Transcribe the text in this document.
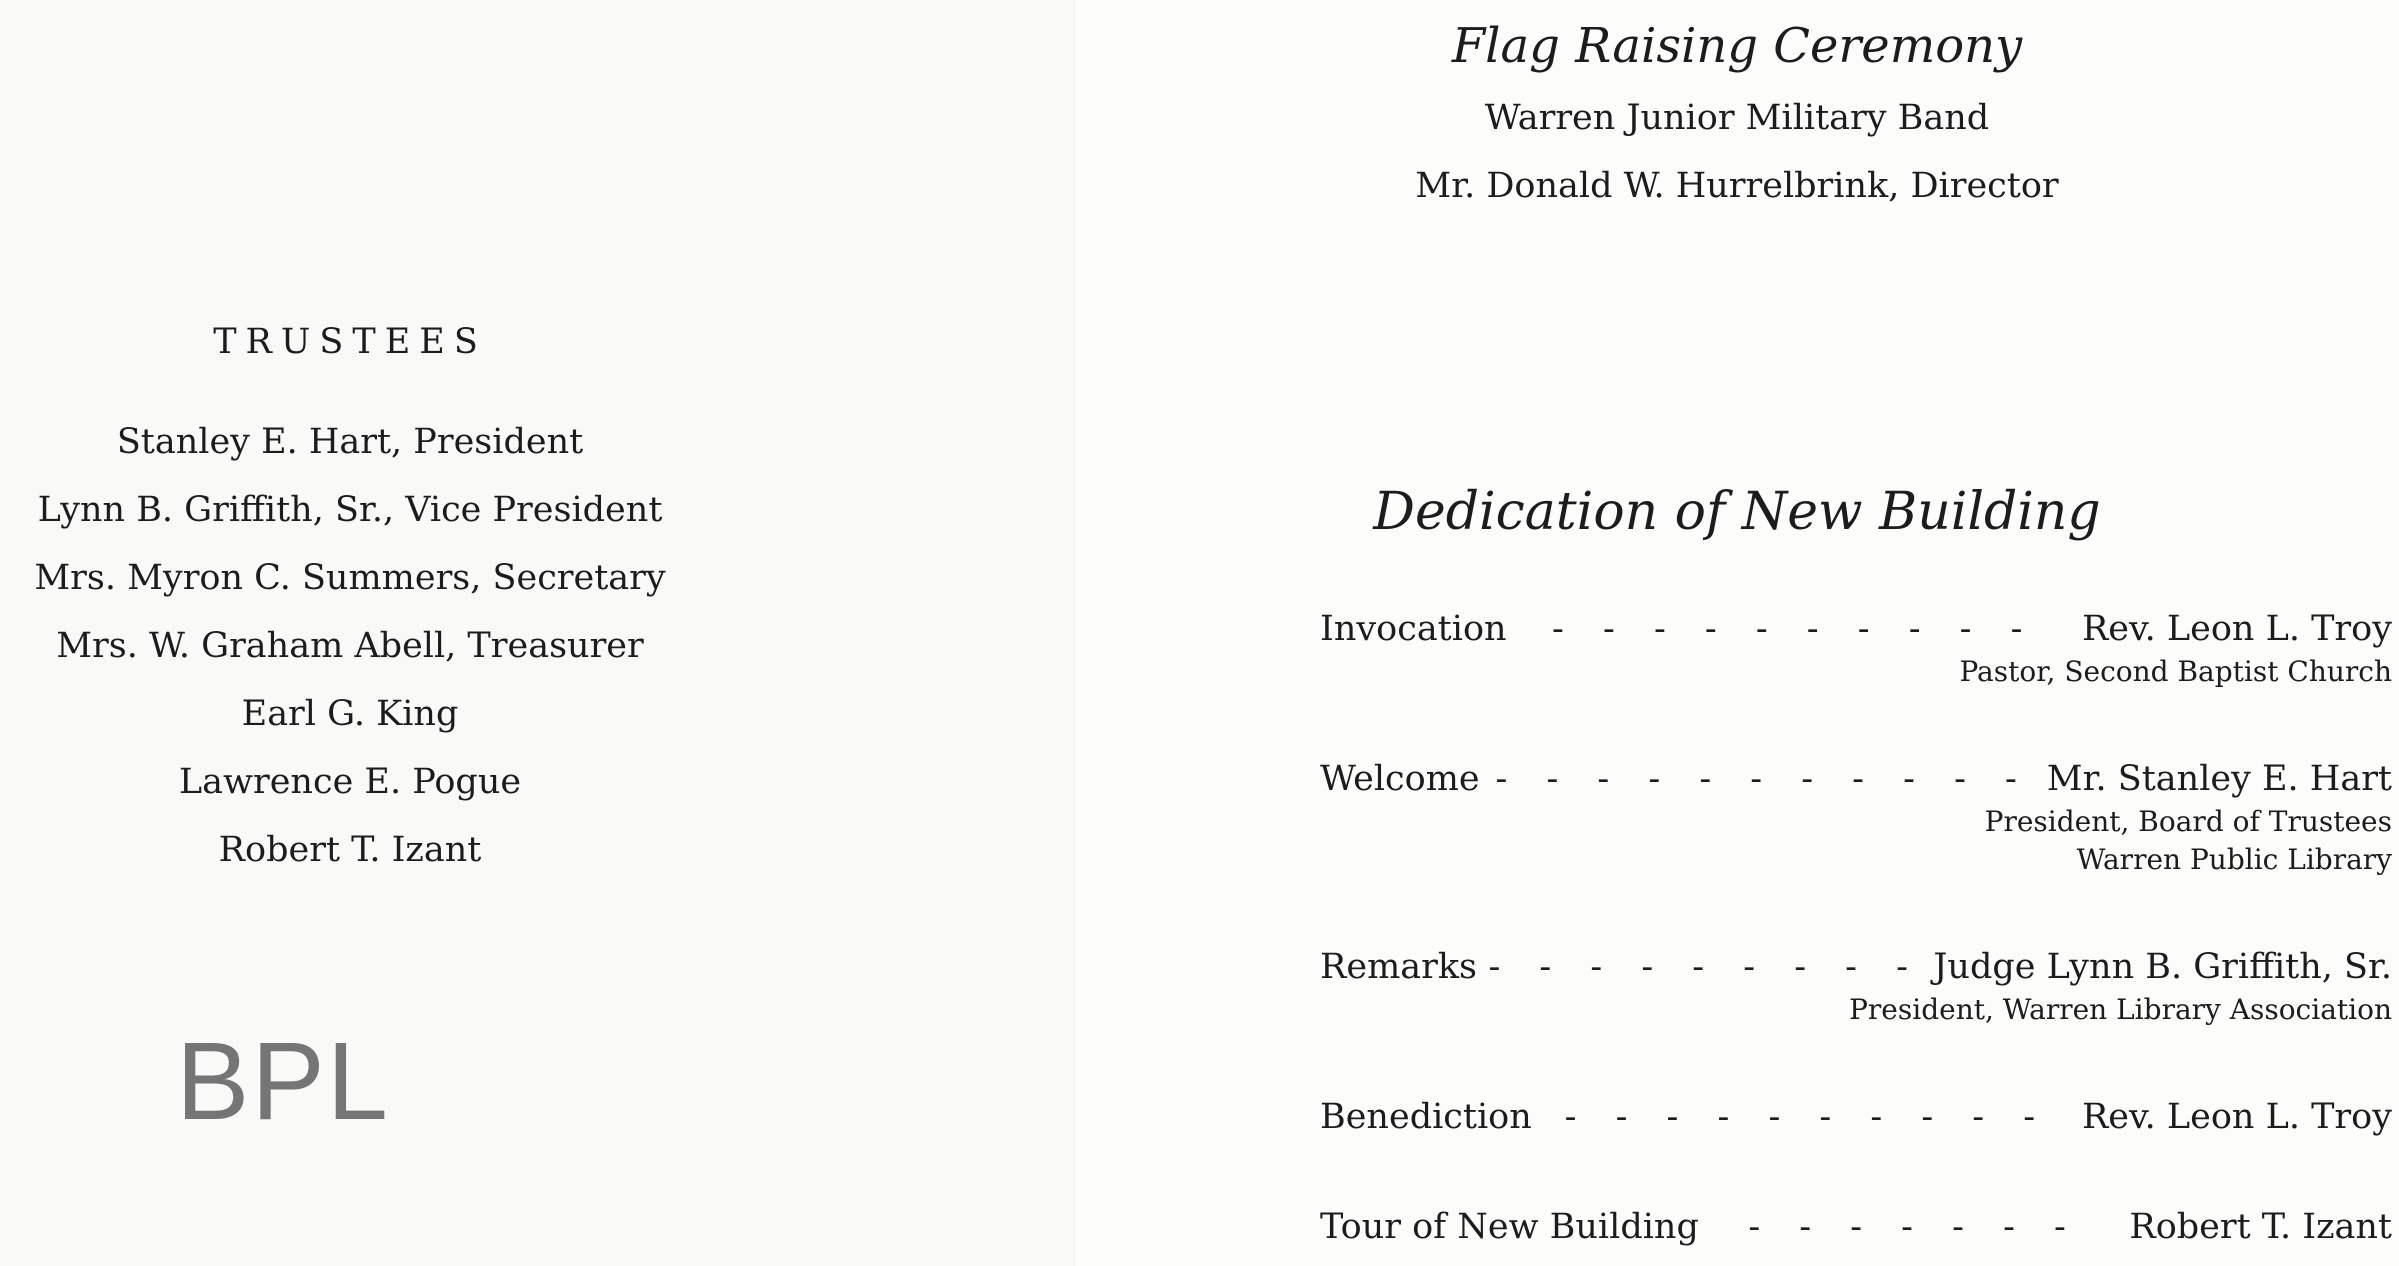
TRUSTEES
Stanley E. Hart, President
Lynn B. Griffith, Sr., Vice President
Mrs. Myron C. Summers, Secretary
Mrs. W. Graham Abell, Treasurer
Earl G. King
Lawrence E. Pogue
Robert T. Izant
BPL
Flag Raising Ceremony
Warren Junior Military Band
Mr. Donald W. Hurrelbrink, Director
Dedication of New Building
Invocation	- - - - - - - - - -	Rev. Leon L. Troy
Pastor, Second Baptist Church
Welcome - - - - - - - - - - - Mr. Stanley E. Hart
President, Board of Trustees
Warren Public Library
Remarks - - - - - - - - - Judge Lynn B. Griffith, Sr.
President, Warren Library Association
Benediction - - - - - - - - - - Rev. Leon L. Troy
Tour of New Building	- - - - - - -	Robert T. Izant
